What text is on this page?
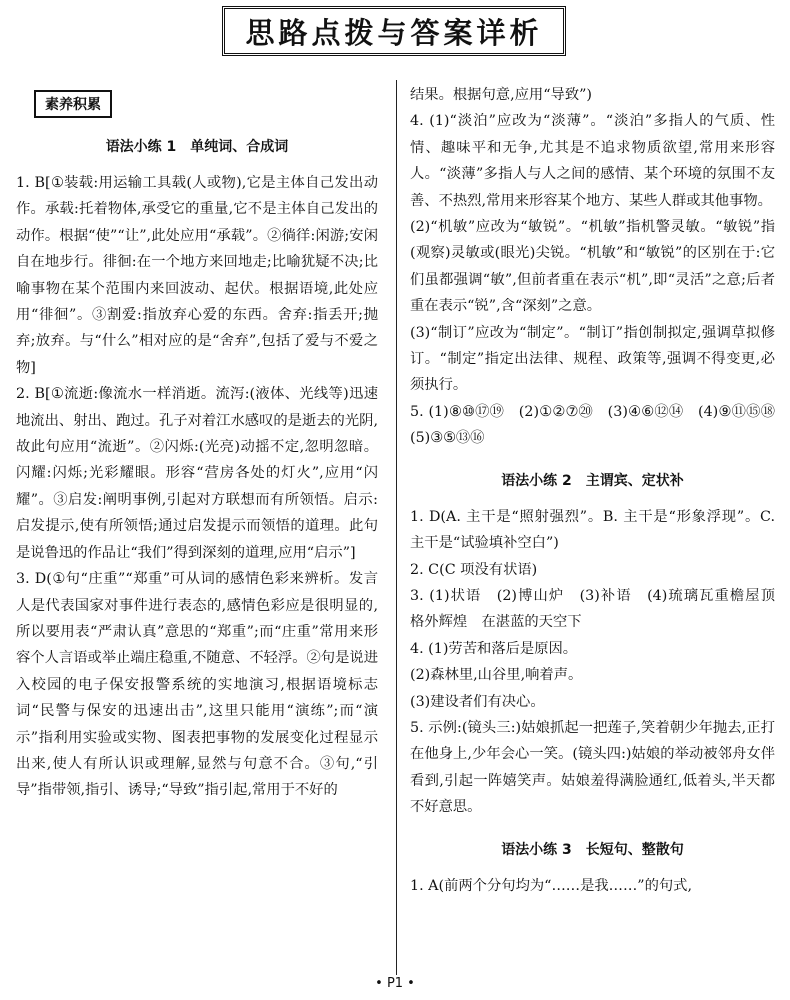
思路点拨与答案详析
素养积累
语法小练 1　单纯词、合成词

1. B[①装载:用运输工具载(人或物),它是主体自己发出动作。承载:托着物体,承受它的重量,它不是主体自己发出的动作。根据“使”“让”,此处应用“承载”。②徜徉:闲游;安闲自在地步行。徘徊:在一个地方来回地走;比喻犹疑不决;比喻事物在某个范围内来回波动、起伏。根据语境,此处应用“徘徊”。③割爱:指放弃心爱的东西。舍弃:指丢开;抛弃;放弃。与“什么”相对应的是“舍弃”,包括了爱与不爱之物]

2. B[①流逝:像流水一样消逝。流泻:(液体、光线等)迅速地流出、射出、跑过。孔子对着江水感叹的是逝去的光阴,故此句应用“流逝”。②闪烁:(光亮)动摇不定,忽明忽暗。闪耀:闪烁;光彩耀眼。形容“营房各处的灯火”,应用“闪耀”。③启发:阐明事例,引起对方联想而有所领悟。启示:启发提示,使有所领悟;通过启发提示而领悟的道理。此句是说鲁迅的作品让“我们”得到深刻的道理,应用“启示”]

3. D(①句“庄重”“郑重”可从词的感情色彩来辨析。发言人是代表国家对事件进行表态的,感情色彩应是很明显的,所以要用表“严肃认真”意思的“郑重”;而“庄重”常用来形容个人言语或举止端庄稳重,不随意、不轻浮。②句是说进入校园的电子保安报警系统的实地演习,根据语境标志词“民警与保安的迅速出击”,这里只能用“演练”;而“演示”指利用实验或实物、图表把事物的发展变化过程显示出来,使人有所认识或理解,显然与句意不合。③句,“引导”指带领,指引、诱导;“导致”指引起,常用于不好的

结果。根据句意,应用“导致”)

4. (1)“淡泊”应改为“淡薄”。“淡泊”多指人的气质、性情、趣味平和无争,尤其是不追求物质欲望,常用来形容人。“淡薄”多指人与人之间的感情、某个环境的氛围不友善、不热烈,常用来形容某个地方、某些人群或其他事物。

(2)“机敏”应改为“敏锐”。“机敏”指机警灵敏。“敏锐”指(观察)灵敏或(眼光)尖锐。“机敏”和“敏锐”的区别在于:它们虽都强调“敏”,但前者重在表示“机”,即“灵活”之意;后者重在表示“锐”,含“深刻”之意。

(3)“制订”应改为“制定”。“制订”指创制拟定,强调草拟修订。“制定”指定出法律、规程、政策等,强调不得变更,必须执行。

5. (1)⑧⑩⑰⑲　(2)①②⑦⑳　(3)④⑥⑫⑭　(4)⑨⑪⑮⑱　(5)③⑤⑬⑯

语法小练 2　主谓宾、定状补

1. D(A. 主干是“照射强烈”。B. 主干是“形象浮现”。C. 主干是“试验填补空白”)

2. C(C 项没有状语)

3. (1)状语　(2)博山炉　(3)补语　(4)琉璃瓦重檐屋顶　格外辉煌　在湛蓝的天空下

4. (1)劳苦和落后是原因。

(2)森林里,山谷里,响着声。

(3)建设者们有决心。

5. 示例:(镜头三:)姑娘抓起一把莲子,笑着朝少年抛去,正打在他身上,少年会心一笑。(镜头四:)姑娘的举动被邻舟女伴看到,引起一阵嬉笑声。姑娘羞得满脸通红,低着头,半天都不好意思。

语法小练 3　长短句、整散句

1. A(前两个分句均为“……是我……”的句式,

• P1 •
